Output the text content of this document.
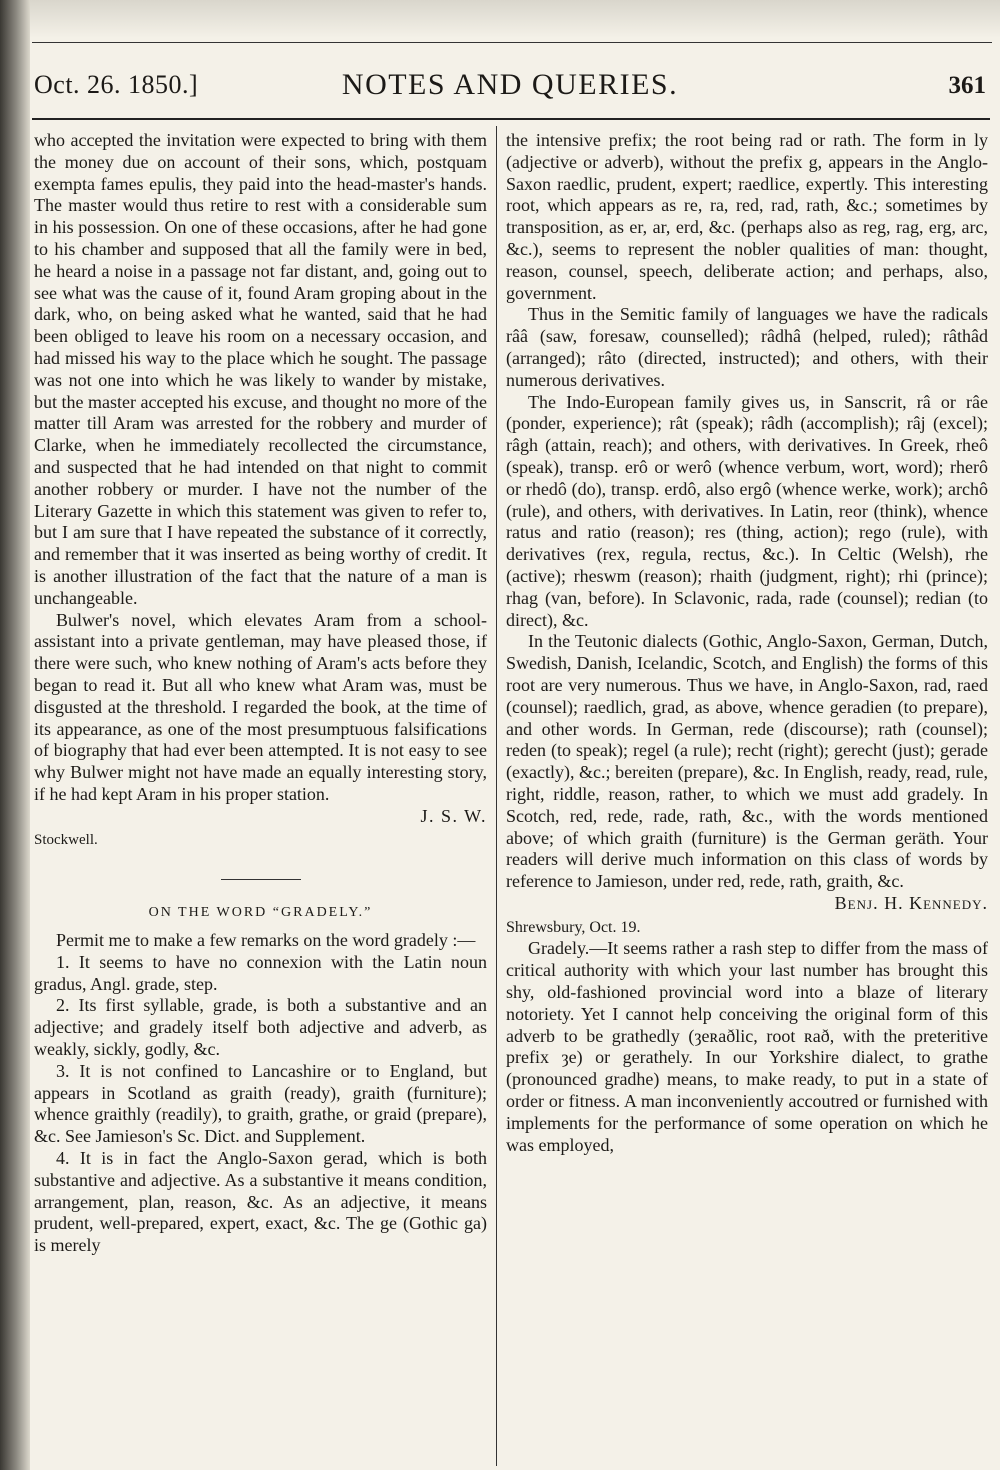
Oct. 26. 1850.]	NOTES AND QUERIES.	361

who accepted the invitation were expected to bring with them the money due on account of their sons, which, postquam exempta fames epulis, they paid into the head-master's hands. The master would thus retire to rest with a considerable sum in his possession. On one of these occasions, after he had gone to his chamber and supposed that all the family were in bed, he heard a noise in a passage not far distant, and, going out to see what was the cause of it, found Aram groping about in the dark, who, on being asked what he wanted, said that he had been obliged to leave his room on a necessary occasion, and had missed his way to the place which he sought. The passage was not one into which he was likely to wander by mistake, but the master accepted his excuse, and thought no more of the matter till Aram was arrested for the robbery and murder of Clarke, when he immediately recollected the circumstance, and suspected that he had intended on that night to commit another robbery or murder. I have not the number of the Literary Gazette in which this statement was given to refer to, but I am sure that I have repeated the substance of it correctly, and remember that it was inserted as being worthy of credit. It is another illustration of the fact that the nature of a man is unchangeable.

Bulwer's novel, which elevates Aram from a school-assistant into a private gentleman, may have pleased those, if there were such, who knew nothing of Aram's acts before they began to read it. But all who knew what Aram was, must be disgusted at the threshold. I regarded the book, at the time of its appearance, as one of the most presumptuous falsifications of biography that had ever been attempted. It is not easy to see why Bulwer might not have made an equally interesting story, if he had kept Aram in his proper station.

J. S. W.
Stockwell.
ON THE WORD “GRADELY.”

Permit me to make a few remarks on the word gradely :—

1. It seems to have no connexion with the Latin noun gradus, Angl. grade, step.

2. Its first syllable, grade, is both a substantive and an adjective; and gradely itself both adjective and adverb, as weakly, sickly, godly, &c.

3. It is not confined to Lancashire or to England, but appears in Scotland as graith (ready), graith (furniture); whence graithly (readily), to graith, grathe, or graid (prepare), &c. See Jamieson's Sc. Dict. and Supplement.

4. It is in fact the Anglo-Saxon gerad, which is both substantive and adjective. As a substantive it means condition, arrangement, plan, reason, &c. As an adjective, it means prudent, well-prepared, expert, exact, &c. The ge (Gothic ga) is merely

the intensive prefix; the root being rad or rath. The form in ly (adjective or adverb), without the prefix g, appears in the Anglo-Saxon raedlic, prudent, expert; raedlice, expertly. This interesting root, which appears as re, ra, red, rad, rath, &c.; sometimes by transposition, as er, ar, erd, &c. (perhaps also as reg, rag, erg, arc, &c.), seems to represent the nobler qualities of man: thought, reason, counsel, speech, deliberate action; and perhaps, also, government.

Thus in the Semitic family of languages we have the radicals rââ (saw, foresaw, counselled); râdhâ (helped, ruled); râthâd (arranged); râto (directed, instructed); and others, with their numerous derivatives.

The Indo-European family gives us, in Sanscrit, râ or râe (ponder, experience); rât (speak); râdh (accomplish); râj (excel); râgh (attain, reach); and others, with derivatives. In Greek, rheô (speak), transp. erô or werô (whence verbum, wort, word); rherô or rhedô (do), transp. erdô, also ergô (whence werke, work); archô (rule), and others, with derivatives. In Latin, reor (think), whence ratus and ratio (reason); res (thing, action); rego (rule), with derivatives (rex, regula, rectus, &c.). In Celtic (Welsh), rhe (active); rheswm (reason); rhaith (judgment, right); rhi (prince); rhag (van, before). In Sclavonic, rada, rade (counsel); redian (to direct), &c.

In the Teutonic dialects (Gothic, Anglo-Saxon, German, Dutch, Swedish, Danish, Icelandic, Scotch, and English) the forms of this root are very numerous. Thus we have, in Anglo-Saxon, rad, raed (counsel); raedlich, grad, as above, whence geradien (to prepare), and other words. In German, rede (discourse); rath (counsel); reden (to speak); regel (a rule); recht (right); gerecht (just); gerade (exactly), &c.; bereiten (prepare), &c. In English, ready, read, rule, right, riddle, reason, rather, to which we must add gradely. In Scotch, red, rede, rade, rath, &c., with the words mentioned above; of which graith (furniture) is the German geräth. Your readers will derive much information on this class of words by reference to Jamieson, under red, rede, rath, graith, &c.

Benj. H. Kennedy.
Shrewsbury, Oct. 19.

Gradely.—It seems rather a rash step to differ from the mass of critical authority with which your last number has brought this shy, old-fashioned provincial word into a blaze of literary notoriety. Yet I cannot help conceiving the original form of this adverb to be grathedly (ȝeʀaðlic, root ʀað, with the preteritive prefix ȝe) or gerathely. In our Yorkshire dialect, to grathe (pronounced gradhe) means, to make ready, to put in a state of order or fitness. A man inconveniently accoutred or furnished with implements for the performance of some operation on which he was employed,
